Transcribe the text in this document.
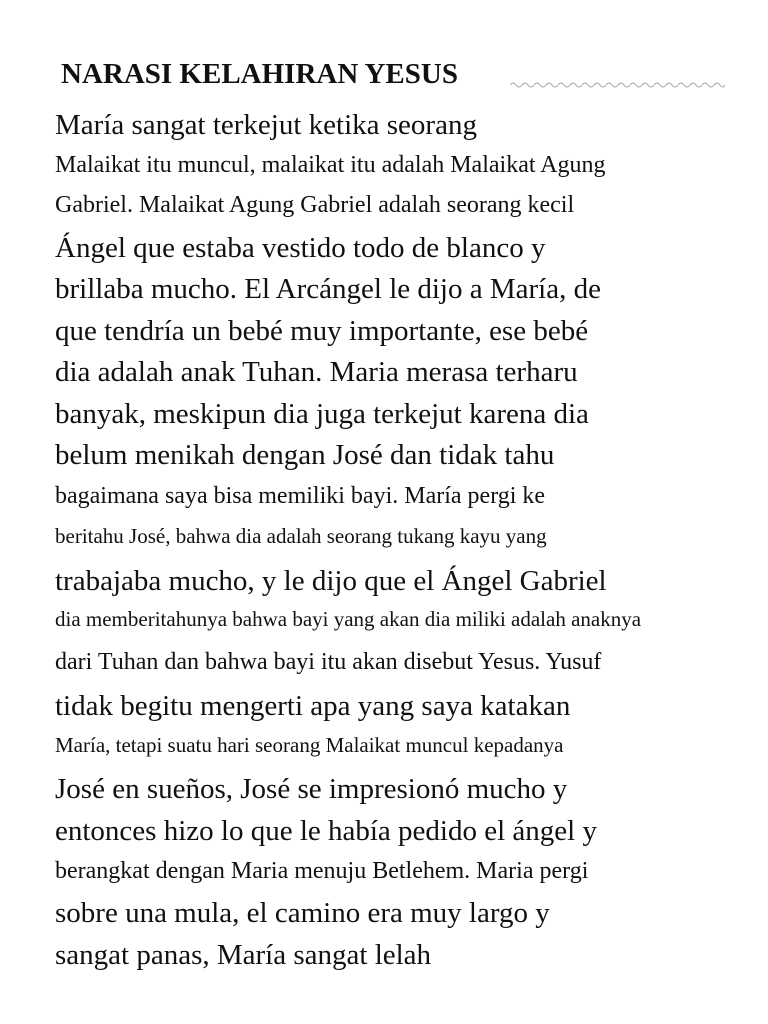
NARASI KELAHIRAN YESUS
María sangat terkejut ketika seorang
Malaikat itu muncul, malaikat itu adalah Malaikat Agung
Gabriel. Malaikat Agung Gabriel adalah seorang kecil
Ángel que estaba vestido todo de blanco y
brillaba mucho. El Arcángel le dijo a María, de
que tendría un bebé muy importante, ese bebé
dia adalah anak Tuhan. Maria merasa terharu
banyak, meskipun dia juga terkejut karena dia
belum menikah dengan José dan tidak tahu
bagaimana saya bisa memiliki bayi. María pergi ke
beritahu José, bahwa dia adalah seorang tukang kayu yang
trabajaba mucho, y le dijo que el Ángel Gabriel
dia memberitahunya bahwa bayi yang akan dia miliki adalah anaknya
dari Tuhan dan bahwa bayi itu akan disebut Yesus. Yusuf
tidak begitu mengerti apa yang saya katakan
María, tetapi suatu hari seorang Malaikat muncul kepadanya
José en sueños, José se impresionó mucho y
entonces hizo lo que le había pedido el ángel y
berangkat dengan Maria menuju Betlehem. Maria pergi
sobre una mula, el camino era muy largo y
sangat panas, María sangat lelah
